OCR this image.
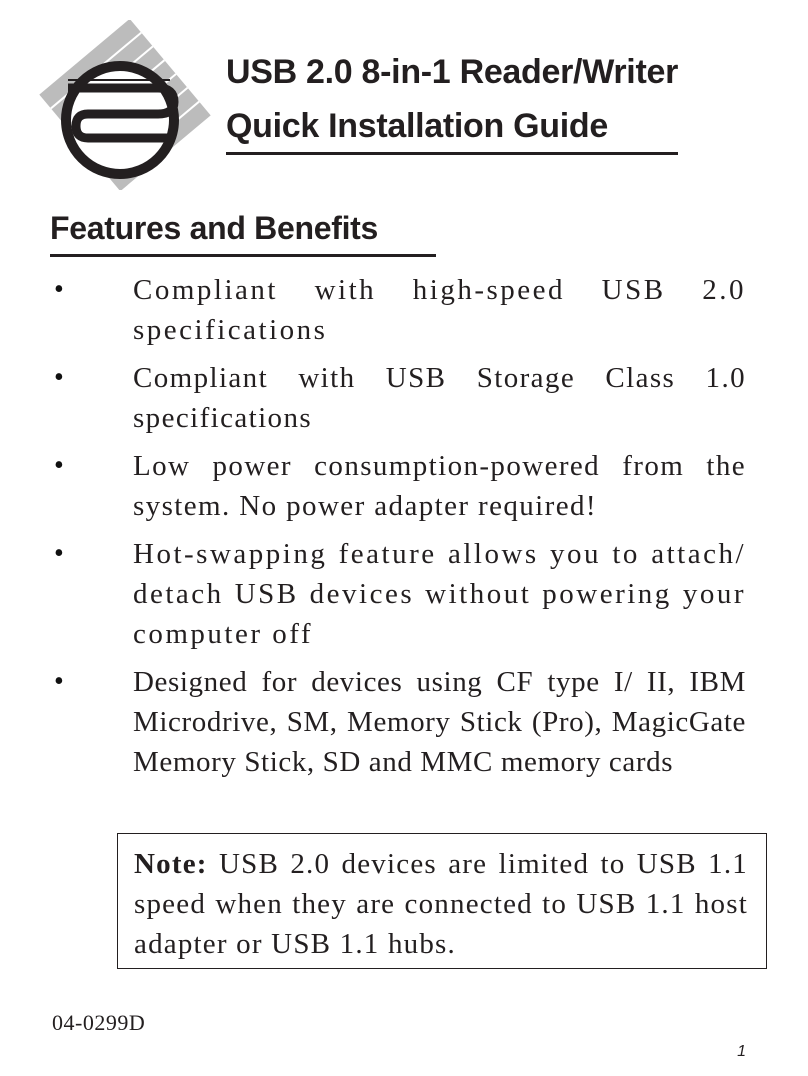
USB 2.0 8-in-1 Reader/Writer
Quick Installation Guide
Features and Benefits
• Compliant with high-speed USB 2.0 specifications
• Compliant with USB Storage Class 1.0 specifications
• Low power consumption-powered from the system. No power adapter required!
• Hot-swapping feature allows you to attach/ detach USB devices without powering your computer off
• Designed for devices using CF type I/ II, IBM Microdrive, SM, Memory Stick (Pro), MagicGate Memory Stick, SD and MMC memory cards
Note: USB 2.0 devices are limited to USB 1.1 speed when they are connected to USB 1.1 host adapter or USB 1.1 hubs.
04-0299D
1
